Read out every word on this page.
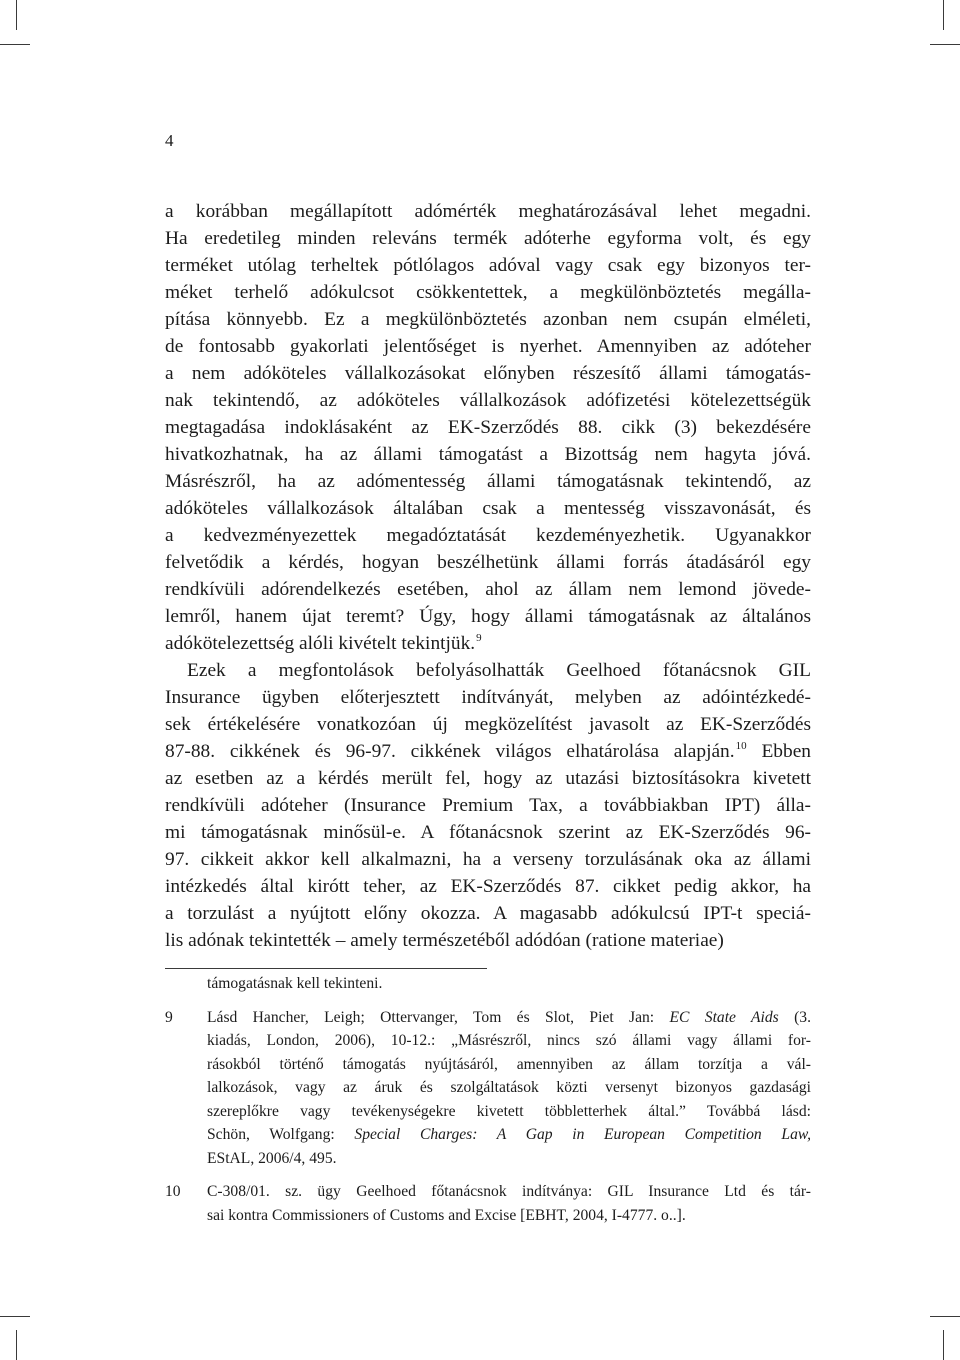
4
a korábban megállapított adómérték meghatározásával lehet megadni.
Ha eredetileg minden releváns termék adóterhe egyforma volt, és egy
terméket utólag terheltek pótlólagos adóval vagy csak egy bizonyos ter-
méket terhelő adókulcsot csökkentettek, a megkülönböztetés megálla-
pítása könnyebb. Ez a megkülönböztetés azonban nem csupán elméleti,
de fontosabb gyakorlati jelentőséget is nyerhet. Amennyiben az adóteher
a nem adóköteles vállalkozásokat előnyben részesítő állami támogatás-
nak tekintendő, az adóköteles vállalkozások adófizetési kötelezettségük
megtagadása indoklásaként az EK-Szerződés 88. cikk (3) bekezdésére
hivatkozhatnak, ha az állami támogatást a Bizottság nem hagyta jóvá.
Másrészről, ha az adómentesség állami támogatásnak tekintendő, az
adóköteles vállalkozások általában csak a mentesség visszavonását, és
a kedvezményezettek megadóztatását kezdeményezhetik. Ugyanakkor
felvetődik a kérdés, hogyan beszélhetünk állami forrás átadásáról egy
rendkívüli adórendelkezés esetében, ahol az állam nem lemond jövede-
lemről, hanem újat teremt? Úgy, hogy állami támogatásnak az általános
adókötelezettség alóli kivételt tekintjük.$^9$
Ezek a megfontolások befolyásolhatták Geelhoed főtanácsnok GIL
Insurance ügyben előterjesztett indítványát, melyben az adóintézkedé-
sek értékelésére vonatkozóan új megközelítést javasolt az EK-Szerződés
87-88. cikkének és 96-97. cikkének világos elhatárolása alapján.$^{10}$ Ebben
az esetben az a kérdés merült fel, hogy az utazási biztosításokra kivetett
rendkívüli adóteher (Insurance Premium Tax, a továbbiakban IPT) álla-
mi támogatásnak minősül-e. A főtanácsnok szerint az EK-Szerződés 96-
97. cikkeit akkor kell alkalmazni, ha a verseny torzulásának oka az állami
intézkedés által kirótt teher, az EK-Szerződés 87. cikket pedig akkor, ha
a torzulást a nyújtott előny okozza. A magasabb adókulcsú IPT-t speciá-
lis adónak tekintették – amely természetéből adódóan (ratione materiae)
támogatásnak kell tekinteni.
9 Lásd Hancher, Leigh; Ottervanger, Tom és Slot, Piet Jan: EC State Aids (3.
kiadás, London, 2006), 10-12.: „Másrészről, nincs szó állami vagy állami for-
rásokból történő támogatás nyújtásáról, amennyiben az állam torzítja a vál-
lalkozások, vagy az áruk és szolgáltatások közti versenyt bizonyos gazdasági
szereplőkre vagy tevékenységekre kivetett többletterhek által.” Továbbá lásd:
Schön, Wolfgang: Special Charges: A Gap in European Competition Law,
EStAL, 2006/4, 495.
10 C-308/01. sz. ügy Geelhoed főtanácsnok indítványa: GIL Insurance Ltd és tár-
sai kontra Commissioners of Customs and Excise [EBHT, 2004, I-4777. o..].
